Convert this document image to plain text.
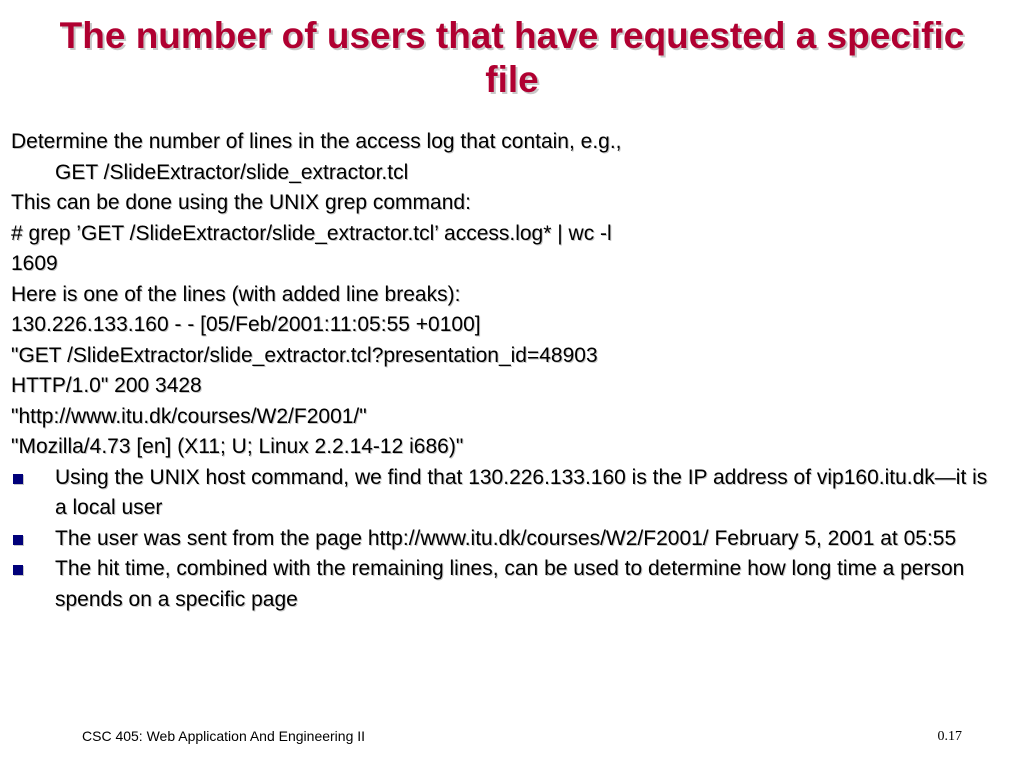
The number of users that have requested a specific file
Determine the number of lines in the access log that contain, e.g.,
GET /SlideExtractor/slide_extractor.tcl
This can be done using the UNIX grep command:
# grep ’GET /SlideExtractor/slide_extractor.tcl’ access.log* | wc -l
1609
Here is one of the lines (with added line breaks):
130.226.133.160 - - [05/Feb/2001:11:05:55 +0100]
"GET /SlideExtractor/slide_extractor.tcl?presentation_id=48903
HTTP/1.0" 200 3428
"http://www.itu.dk/courses/W2/F2001/"
"Mozilla/4.73 [en] (X11; U; Linux 2.2.14-12 i686)"
Using the UNIX host command, we find that 130.226.133.160 is the IP address of vip160.itu.dk—it is a local user
The user was sent from the page http://www.itu.dk/courses/W2/F2001/ February 5, 2001 at 05:55
The hit time, combined with the remaining lines, can be used to determine how long time a person spends on a specific page
CSC 405: Web Application And Engineering II	0.17
